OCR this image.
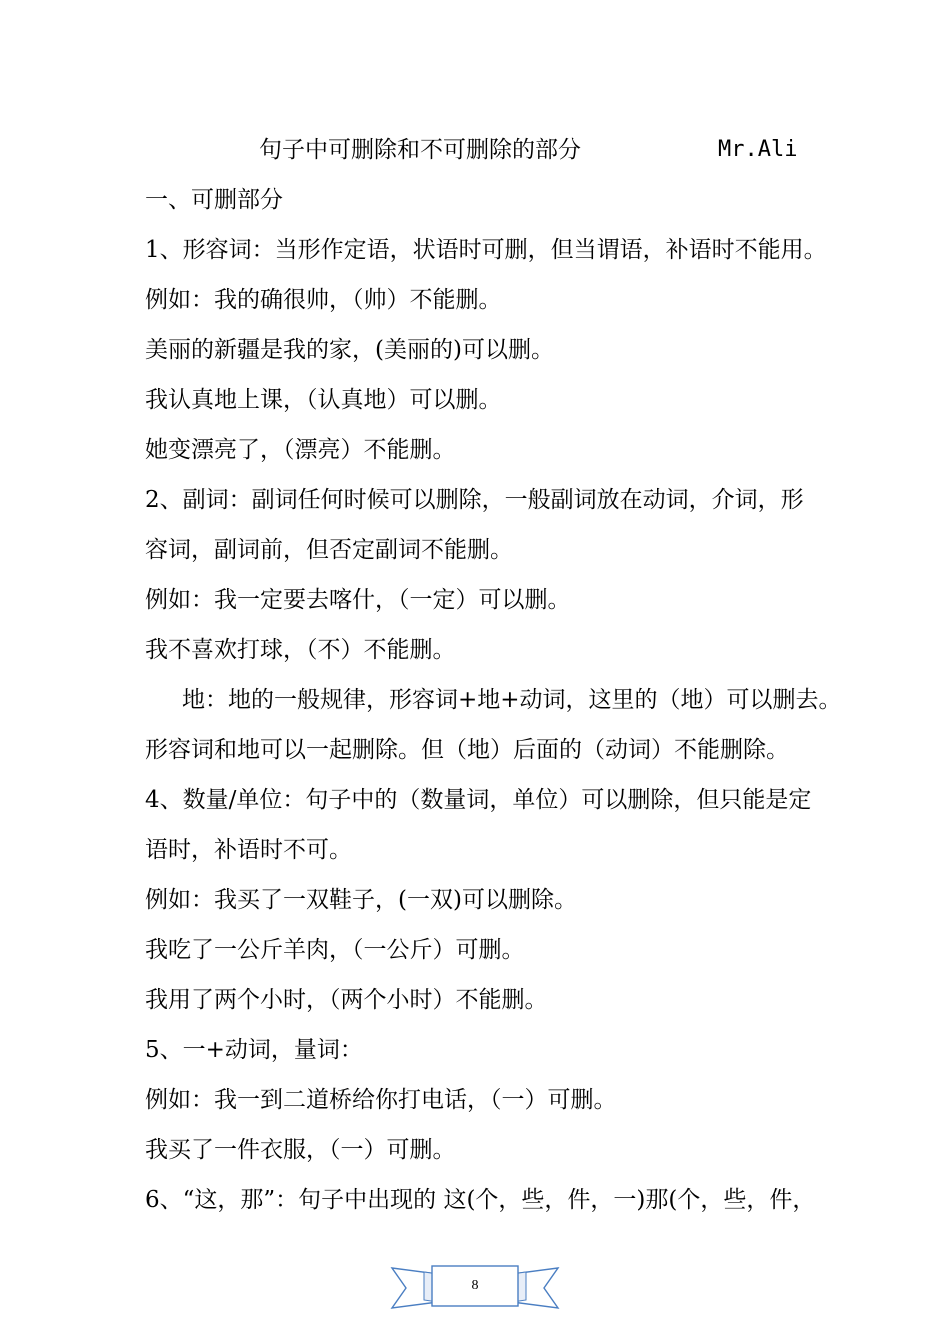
句子中可删除和不可删除的部分	Mr.Ali
一、可删部分
1、形容词：当形作定语，状语时可删，但当谓语，补语时不能用。
例如：我的确很帅，（帅）不能删。
美丽的新疆是我的家，(美丽的)可以删。
我认真地上课，（认真地）可以删。
她变漂亮了，（漂亮）不能删。
2、副词：副词任何时候可以删除，一般副词放在动词，介词，形
容词，副词前，但否定副词不能删。
例如：我一定要去喀什，（一定）可以删。
我不喜欢打球，（不）不能删。
地：地的一般规律，形容词+地+动词，这里的（地）可以删去。
形容词和地可以一起删除。但（地）后面的（动词）不能删除。
4、数量/单位：句子中的（数量词，单位）可以删除，但只能是定
语时，补语时不可。
例如：我买了一双鞋子，(一双)可以删除。
我吃了一公斤羊肉，（一公斤）可删。
我用了两个小时，（两个小时）不能删。
5、一+动词，量词：
例如：我一到二道桥给你打电话，（一）可删。
我买了一件衣服，（一）可删。
6、“这，那”：句子中出现的 这(个，些，件，一)那(个，些，件，
8
